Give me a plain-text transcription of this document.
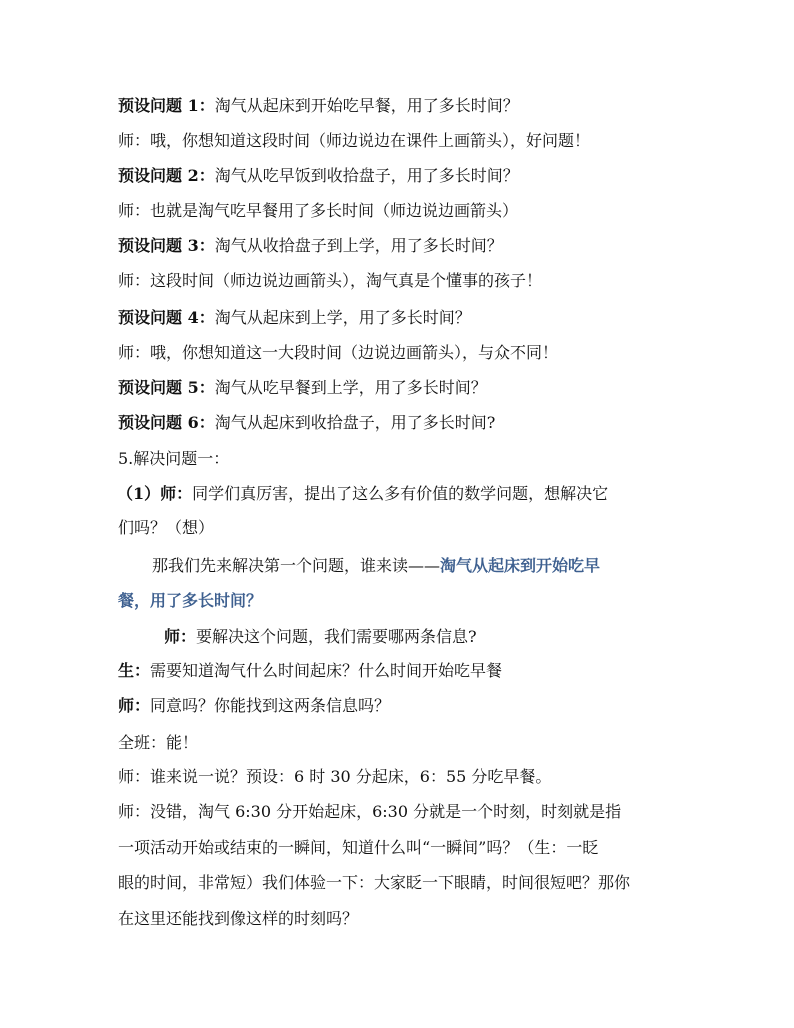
预设问题 1：淘气从起床到开始吃早餐，用了多长时间？
师：哦，你想知道这段时间（师边说边在课件上画箭头），好问题！
预设问题 2：淘气从吃早饭到收拾盘子，用了多长时间？
师：也就是淘气吃早餐用了多长时间（师边说边画箭头）
预设问题 3：淘气从收拾盘子到上学，用了多长时间？
师：这段时间（师边说边画箭头），淘气真是个懂事的孩子！
预设问题 4：淘气从起床到上学，用了多长时间？
师：哦，你想知道这一大段时间（边说边画箭头），与众不同！
预设问题 5：淘气从吃早餐到上学，用了多长时间？
预设问题 6：淘气从起床到收拾盘子，用了多长时间?
5.解决问题一：
（1）师：同学们真厉害，提出了这么多有价值的数学问题，想解决它
们吗？（想）
那我们先来解决第一个问题，谁来读——淘气从起床到开始吃早
餐，用了多长时间？
师：要解决这个问题，我们需要哪两条信息?
生：需要知道淘气什么时间起床？什么时间开始吃早餐
师：同意吗？你能找到这两条信息吗？
全班：能！
师：谁来说一说？预设：6 时 30 分起床，6：55 分吃早餐。
师：没错，淘气 6:30 分开始起床，6:30 分就是一个时刻，时刻就是指
一项活动开始或结束的一瞬间，知道什么叫“一瞬间”吗？（生：一眨
眼的时间，非常短）我们体验一下：大家眨一下眼睛，时间很短吧？那你
在这里还能找到像这样的时刻吗？
